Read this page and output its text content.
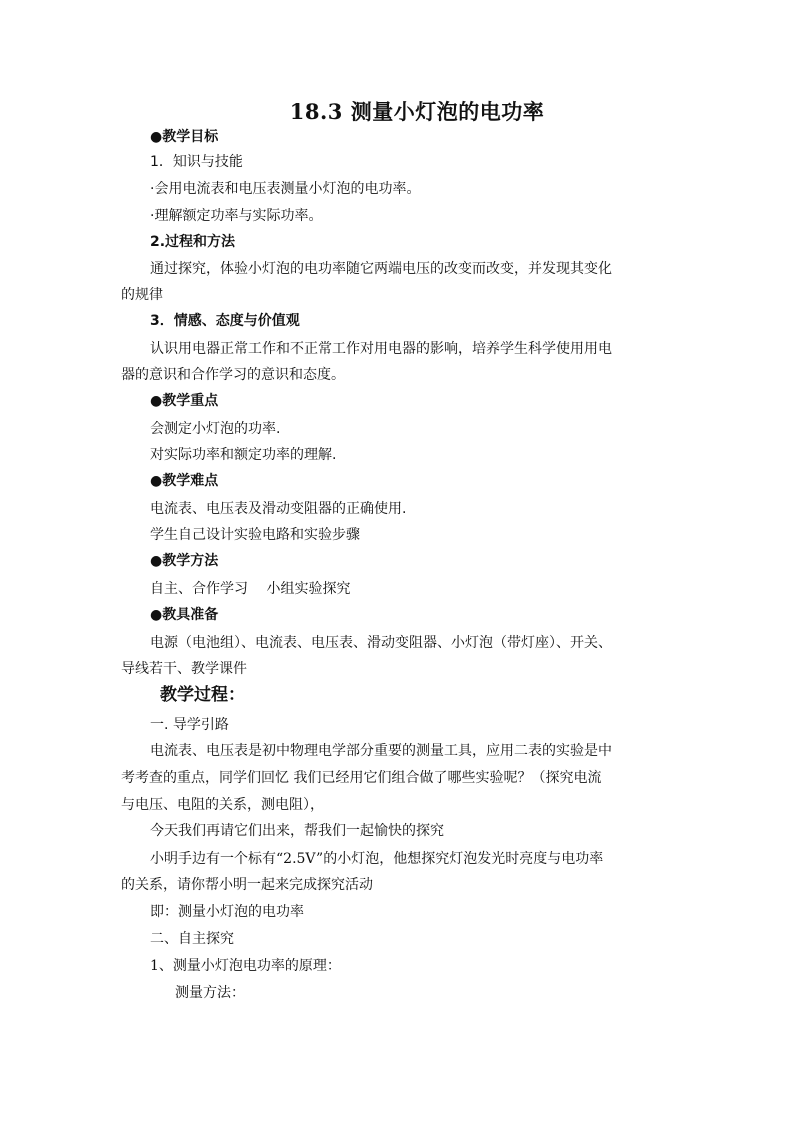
18.3 测量小灯泡的电功率
●教学目标
1．知识与技能
·会用电流表和电压表测量小灯泡的电功率。
·理解额定功率与实际功率。
2.过程和方法
通过探究，体验小灯泡的电功率随它两端电压的改变而改变，并发现其变化
的规律
3．情感、态度与价值观
认识用电器正常工作和不正常工作对用电器的影响，培养学生科学使用用电
器的意识和合作学习的意识和态度。
●教学重点
会测定小灯泡的功率.
对实际功率和额定功率的理解.
●教学难点
电流表、电压表及滑动变阻器的正确使用.
学生自己设计实验电路和实验步骤
●教学方法
自主、合作学习　 小组实验探究
●教具准备
电源（电池组）、电流表、电压表、滑动变阻器、小灯泡（带灯座）、开关、
导线若干、教学课件
教学过程：
一. 导学引路
电流表、电压表是初中物理电学部分重要的测量工具，应用二表的实验是中
考考查的重点，同学们回忆 我们已经用它们组合做了哪些实验呢？（探究电流
与电压、电阻的关系，测电阻），
今天我们再请它们出来，帮我们一起愉快的探究
小明手边有一个标有“2.5V”的小灯泡，他想探究灯泡发光时亮度与电功率
的关系，请你帮小明一起来完成探究活动
即：测量小灯泡的电功率
二、自主探究
1、测量小灯泡电功率的原理：
测量方法：
